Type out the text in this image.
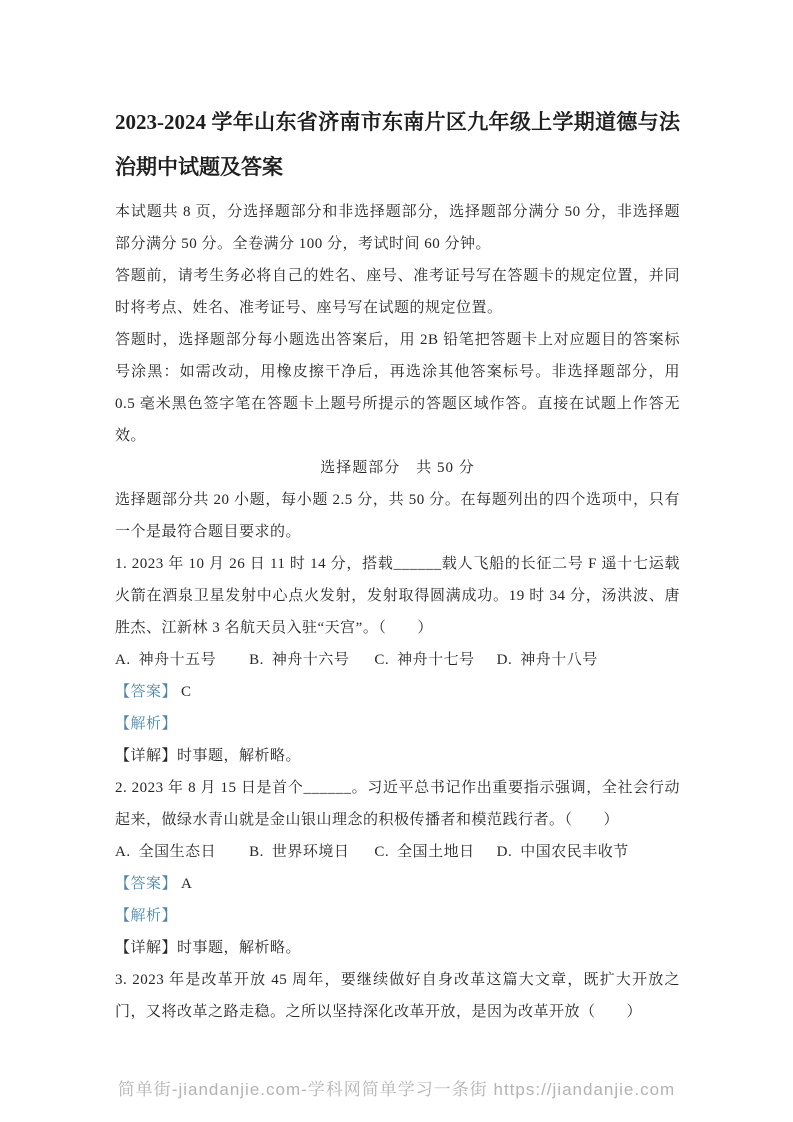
2023-2024 学年山东省济南市东南片区九年级上学期道德与法治期中试题及答案

本试题共 8 页，分选择题部分和非选择题部分，选择题部分满分 50 分，非选择题部分满分 50 分。全卷满分 100 分，考试时间 60 分钟。

答题前，请考生务必将自己的姓名、座号、准考证号写在答题卡的规定位置，并同时将考点、姓名、准考证号、座号写在试题的规定位置。

答题时，选择题部分每小题选出答案后，用 2B 铅笔把答题卡上对应题目的答案标号涂黑：如需改动，用橡皮擦干净后，再选涂其他答案标号。非选择题部分，用 0.5 毫米黑色签字笔在答题卡上题号所提示的答题区域作答。直接在试题上作答无效。

选择题部分　共 50 分

选择题部分共 20 小题，每小题 2.5 分，共 50 分。在每题列出的四个选项中，只有一个是最符合题目要求的。

1. 2023 年 10 月 26 日 11 时 14 分，搭载______载人飞船的长征二号 F 遥十七运载火箭在酒泉卫星发射中心点火发射，发射取得圆满成功。19 时 34 分，汤洪波、唐胜杰、江新林 3 名航天员入驻“天宫”。（　　）

A. 神舟十五号 B. 神舟十六号 C. 神舟十七号 D. 神舟十八号

【答案】 C

【解析】

【详解】时事题，解析略。

2. 2023 年 8 月 15 日是首个______。习近平总书记作出重要指示强调，全社会行动起来，做绿水青山就是金山银山理念的积极传播者和模范践行者。（　　）

A. 全国生态日 B. 世界环境日 C. 全国土地日 D. 中国农民丰收节

【答案】 A

【解析】

【详解】时事题，解析略。

3. 2023 年是改革开放 45 周年，要继续做好自身改革这篇大文章，既扩大开放之门，又将改革之路走稳。之所以坚持深化改革开放，是因为改革开放（　　）

简单街-jiandanjie.com-学科网简单学习一条街 https://jiandanjie.com
